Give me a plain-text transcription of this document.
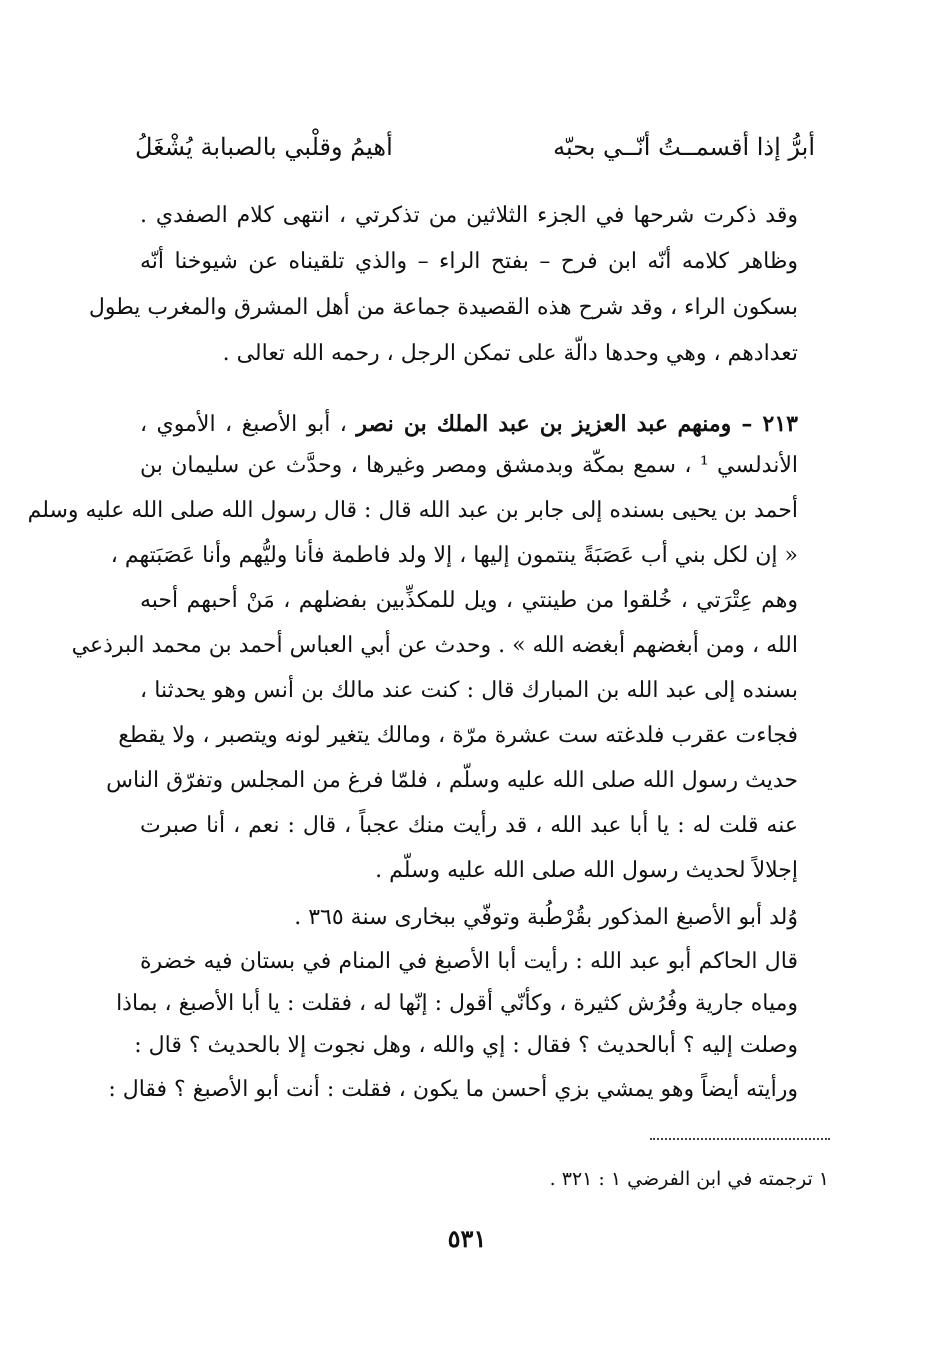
أبرُّ إذا أقسمــتُ أنّــي بحبّه
أهيمُ وقلْبي بالصبابة يُشْغَلُ
وقد ذكرت شرحها في الجزء الثلاثين من تذكرتي ، انتهى كلام الصفدي .
وظاهر كلامه أنّه ابن فرح – بفتح الراء – والذي تلقيناه عن شيوخنا أنّه
بسكون الراء ، وقد شرح هذه القصيدة جماعة من أهل المشرق والمغرب يطول
تعدادهم ، وهي وحدها دالّة على تمكن الرجل ، رحمه الله تعالى .
٢١٣ – ومنهم عبد العزيز بن عبد الملك بن نصر ، أبو الأصبغ ، الأموي ،
الأندلسي ¹ ، سمع بمكّة وبدمشق ومصر وغيرها ، وحدَّث عن سليمان بن
أحمد بن يحيى بسنده إلى جابر بن عبد الله قال : قال رسول الله صلى الله عليه وسلم
« إن لكل بني أب عَصَبَةً ينتمون إليها ، إلا ولد فاطمة فأنا وليُّهم وأنا عَصَبَتهم ،
وهم عِتْرَتي ، خُلقوا من طينتي ، ويل للمكذِّبين بفضلهم ، مَنْ أحبهم أحبه
الله ، ومن أبغضهم أبغضه الله » . وحدث عن أبي العباس أحمد بن محمد البرذعي
بسنده إلى عبد الله بن المبارك قال : كنت عند مالك بن أنس وهو يحدثنا ،
فجاءت عقرب فلدغته ست عشرة مرّة ، ومالك يتغير لونه ويتصبر ، ولا يقطع
حديث رسول الله صلى الله عليه وسلّم ، فلمّا فرغ من المجلس وتفرّق الناس
عنه قلت له : يا أبا عبد الله ، قد رأيت منك عجباً ، قال : نعم ، أنا صبرت
إجلالاً لحديث رسول الله صلى الله عليه وسلّم .
وُلد أبو الأصبغ المذكور بقُرْطُبة وتوفّي ببخارى سنة ٣٦٥ .
قال الحاكم أبو عبد الله : رأيت أبا الأصبغ في المنام في بستان فيه خضرة
ومياه جارية وفُرُش كثيرة ، وكأنّي أقول : إنّها له ، فقلت : يا أبا الأصبغ ، بماذا
وصلت إليه ؟ أبالحديث ؟ فقال : إي والله ، وهل نجوت إلا بالحديث ؟ قال :
١ ترجمته في ابن الفرضي ١ : ٣٢١ .
٥٣١
ورأيته أيضاً وهو يمشي بزي أحسن ما يكون ، فقلت : أنت أبو الأصبغ ؟ فقال :
